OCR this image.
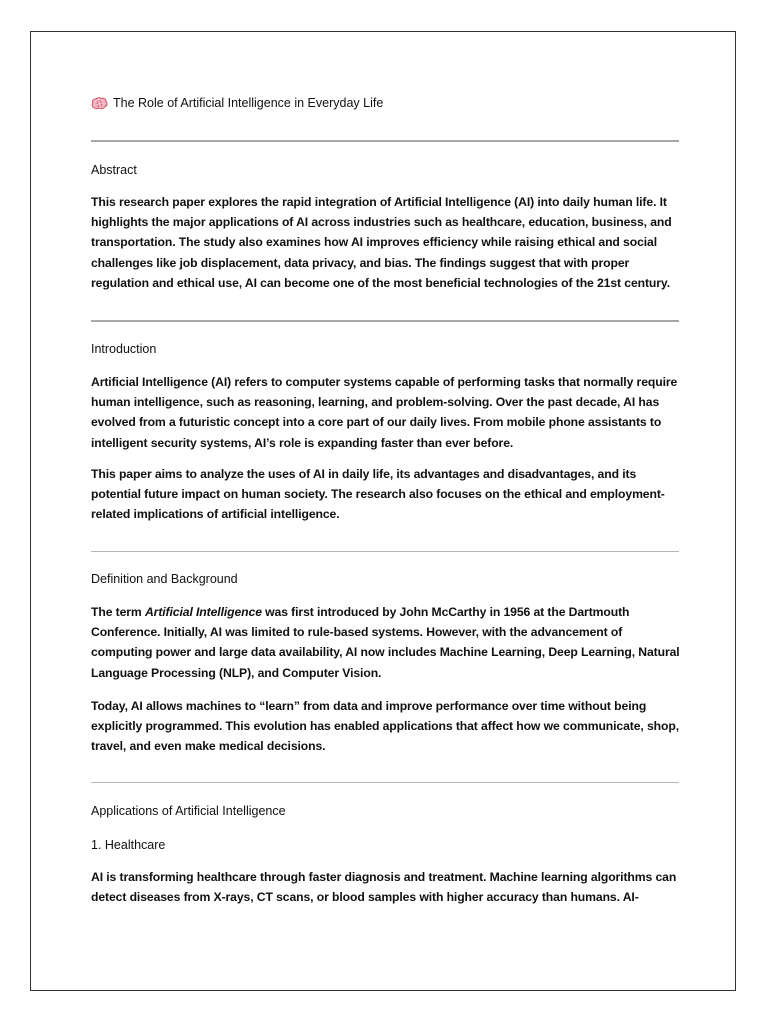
The Role of Artificial Intelligence in Everyday Life
Abstract
This research paper explores the rapid integration of Artificial Intelligence (AI) into daily human life. It highlights the major applications of AI across industries such as healthcare, education, business, and transportation. The study also examines how AI improves efficiency while raising ethical and social challenges like job displacement, data privacy, and bias. The findings suggest that with proper regulation and ethical use, AI can become one of the most beneficial technologies of the 21st century.
Introduction
Artificial Intelligence (AI) refers to computer systems capable of performing tasks that normally require human intelligence, such as reasoning, learning, and problem-solving. Over the past decade, AI has evolved from a futuristic concept into a core part of our daily lives. From mobile phone assistants to intelligent security systems, AI’s role is expanding faster than ever before.
This paper aims to analyze the uses of AI in daily life, its advantages and disadvantages, and its potential future impact on human society. The research also focuses on the ethical and employment-related implications of artificial intelligence.
Definition and Background
The term Artificial Intelligence was first introduced by John McCarthy in 1956 at the Dartmouth Conference. Initially, AI was limited to rule-based systems. However, with the advancement of computing power and large data availability, AI now includes Machine Learning, Deep Learning, Natural Language Processing (NLP), and Computer Vision.
Today, AI allows machines to “learn” from data and improve performance over time without being explicitly programmed. This evolution has enabled applications that affect how we communicate, shop, travel, and even make medical decisions.
Applications of Artificial Intelligence
1. Healthcare
AI is transforming healthcare through faster diagnosis and treatment. Machine learning algorithms can detect diseases from X-rays, CT scans, or blood samples with higher accuracy than humans. AI-
